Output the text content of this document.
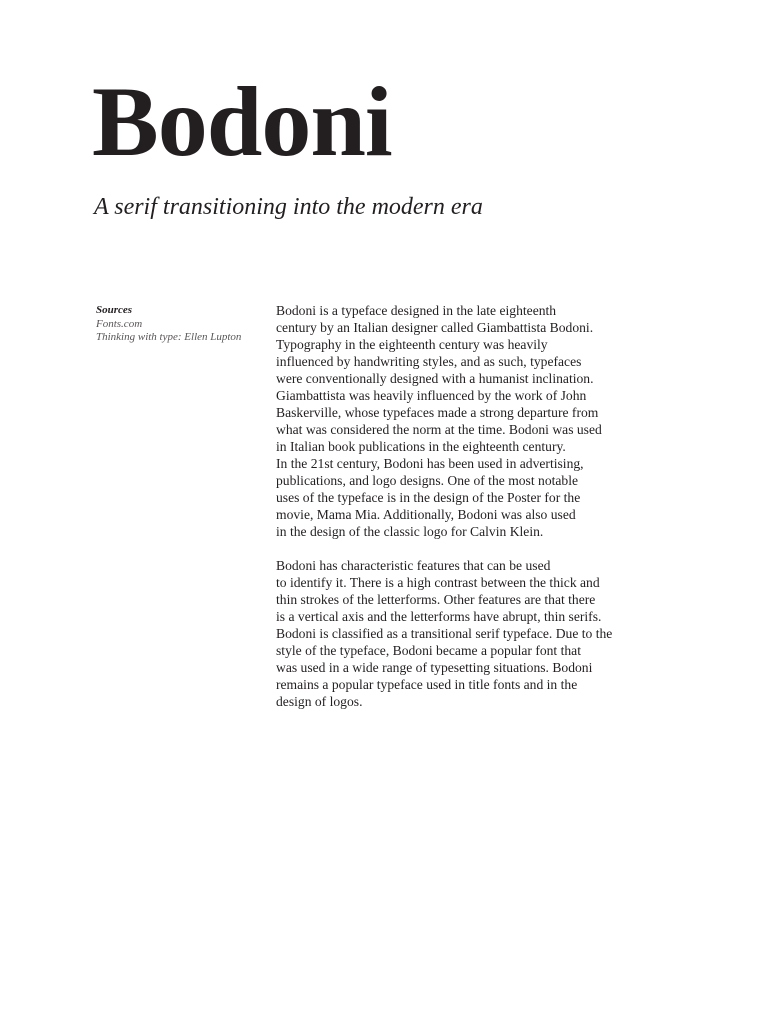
Bodoni
A serif transitioning into the modern era
Sources
Fonts.com
Thinking with type: Ellen Lupton

Bodoni is a typeface designed in the late eighteenth
century by an Italian designer called Giambattista Bodoni.
Typography in the eighteenth century was heavily
influenced by handwriting styles, and as such, typefaces
were conventionally designed with a humanist inclination.
Giambattista was heavily influenced by the work of John
Baskerville, whose typefaces made a strong departure from
what was considered the norm at the time. Bodoni was used
in Italian book publications in the eighteenth century.
In the 21st century, Bodoni has been used in advertising,
publications, and logo designs. One of the most notable
uses of the typeface is in the design of the Poster for the
movie, Mama Mia. Additionally, Bodoni was also used
in the design of the classic logo for Calvin Klein.

Bodoni has characteristic features that can be used
to identify it. There is a high contrast between the thick and
thin strokes of the letterforms. Other features are that there
is a vertical axis and the letterforms have abrupt, thin serifs.
Bodoni is classified as a transitional serif typeface. Due to the
style of the typeface, Bodoni became a popular font that
was used in a wide range of typesetting situations. Bodoni
remains a popular typeface used in title fonts and in the
design of logos.
